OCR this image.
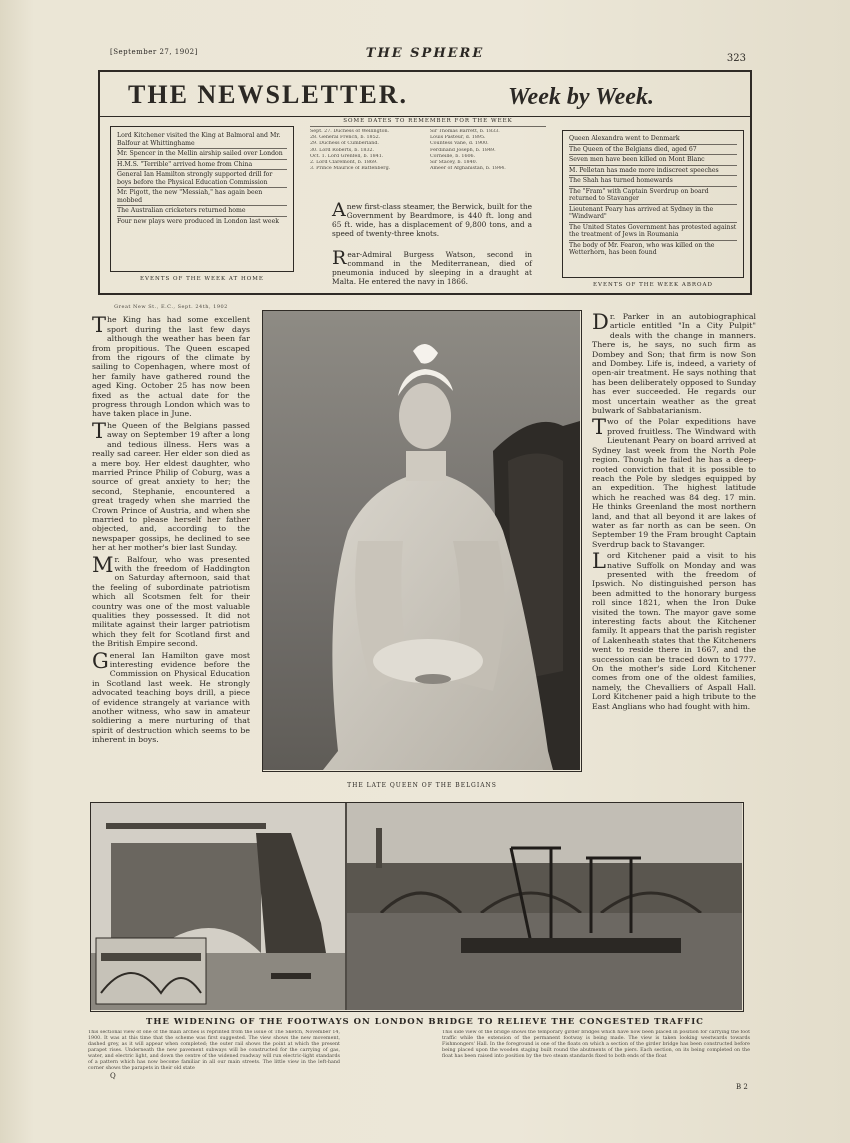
[September 27, 1902]	THE SPHERE	323
THE NEWSLETTER.	Week by Week.
Lord Kitchener visited the King at Balmoral and Mr. Balfour at Whittinghame
Mr. Spencer in the Mellin airship sailed over London
H.M.S. "Terrible" arrived home from China
General Ian Hamilton strongly supported drill for boys before the Physical Education Commission
Mr. Pigott, the new "Messiah," has again been mobbed
The Australian cricketers returned home
Four new plays were produced in London last week
EVENTS OF THE WEEK AT HOME
SOME DATES TO REMEMBER FOR THE WEEK
Sept. 27. Duchess of Wellington.
28. General French, b. 1852.
29. Duchess of Cumberland.
30. Lord Roberts, b. 1832.
Oct. 1. Lord Grenfell, b. 1841.
2. Lord Claremont, b. 1869.
3. Prince Maurice of Battenberg.
Sir Thomas Barrett, b. 1833.
Louis Pasteur, d. 1895.
Countess Vane, d. 1900.
Ferdinand Joseph, b. 1849.
Corneille, b. 1606.
Sir Stacey, b. 1840.
Ameer of Afghanistan, b. 1844.
Anew first-class steamer, the Berwick, built for the Government by Beardmore, is 440 ft. long and 65 ft. wide, has a displacement of 9,800 tons, and a speed of twenty-three knots.
Rear-Admiral Burgess Watson, second in command in the Mediterranean, died of pneumonia induced by sleeping in a draught at Malta. He entered the navy in 1866.
Queen Alexandra went to Denmark
The Queen of the Belgians died, aged 67
Seven men have been killed on Mont Blanc
M. Pelletan has made more indiscreet speeches
The Shah has turned homewards
The "Fram" with Captain Sverdrup on board returned to Stavanger
Lieutenant Peary has arrived at Sydney in the "Windward"
The United States Government has protested against the treatment of Jews in Roumania
The body of Mr. Fearon, who was killed on the Wetterhorn, has been found
EVENTS OF THE WEEK ABROAD
Great New St., E.C., Sept. 24th, 1902

The King has had some excellent sport during the last few days although the weather has been far from propitious. The Queen escaped from the rigours of the climate by sailing to Copenhagen, where most of her family have gathered round the aged King. October 25 has now been fixed as the actual date for the progress through London which was to have taken place in June.

The Queen of the Belgians passed away on September 19 after a long and tedious illness. Hers was a really sad career. Her elder son died as a mere boy. Her eldest daughter, who married Prince Philip of Coburg, was a source of great anxiety to her; the second, Stephanie, encountered a great tragedy when she married the Crown Prince of Austria, and when she married to please herself her father objected, and, according to the newspaper gossips, he declined to see her at her mother's bier last Sunday.

Mr. Balfour, who was presented with the freedom of Haddington on Saturday afternoon, said that the feeling of subordinate patriotism which all Scotsmen felt for their country was one of the most valuable qualities they possessed. It did not militate against their larger patriotism which they felt for Scotland first and the British Empire second.

General Ian Hamilton gave most interesting evidence before the Commission on Physical Education in Scotland last week. He strongly advocated teaching boys drill, a piece of evidence strangely at variance with another witness, who saw in amateur soldiering a mere nurturing of that spirit of destruction which seems to be inherent in boys.

THE LATE QUEEN OF THE BELGIANS

Dr. Parker in an autobiographical article entitled "In a City Pulpit" deals with the change in manners. There is, he says, no such firm as Dombey and Son; that firm is now Son and Dombey. Life is, indeed, a variety of open-air treatment. He says nothing that has been deliberately opposed to Sunday has ever succeeded. He regards our most uncertain weather as the great bulwark of Sabbatarianism.

Two of the Polar expeditions have proved fruitless. The Windward with Lieutenant Peary on board arrived at Sydney last week from the North Pole region. Though he failed he has a deep-rooted conviction that it is possible to reach the Pole by sledges equipped by an expedition. The highest latitude which he reached was 84 deg. 17 min. He thinks Greenland the most northern land, and that all beyond it are lakes of water as far north as can be seen. On September 19 the Fram brought Captain Sverdrup back to Stavanger.

Lord Kitchener paid a visit to his native Suffolk on Monday and was presented with the freedom of Ipswich. No distinguished person has been admitted to the honorary burgess roll since 1821, when the Iron Duke visited the town. The mayor gave some interesting facts about the Kitchener family. It appears that the parish register of Lakenheath states that the Kitcheners went to reside there in 1667, and the succession can be traced down to 1777. On the mother's side Lord Kitchener comes from one of the oldest families, namely, the Chevalliers of Aspall Hall. Lord Kitchener paid a high tribute to the East Anglians who had fought with him.

THE WIDENING OF THE FOOTWAYS ON LONDON BRIDGE TO RELIEVE THE CONGESTED TRAFFIC
This sectional view of one of the main arches is reprinted from the issue of The Sketch, November 14, 1900. It was at this time that the scheme was first suggested. The view shows the new movement, dashed grey, as it will appear when completed; the outer rail shows the point at which the present parapet rises. Underneath the new pavement subways will be constructed for the carrying of gas, water, and electric light, and down the centre of the widened roadway will run electric-light standards of a pattern which has now become familiar in all our main streets. The little view in the left-hand corner shows the parapets in their old state
This side view of the bridge shows the temporary girder bridges which have now been placed in position for carrying the foot traffic while the extension of the permanent footway is being made. The view is taken looking westwards towards Fishmongers' Hall. In the foreground is one of the floats on which a section of the girder bridge has been constructed before being placed upon the wooden staging built round the abutments of the piers. Each section, on its being completed on the float has been raised into position by the two steam standards fixed to both ends of the float
Q
B 2
